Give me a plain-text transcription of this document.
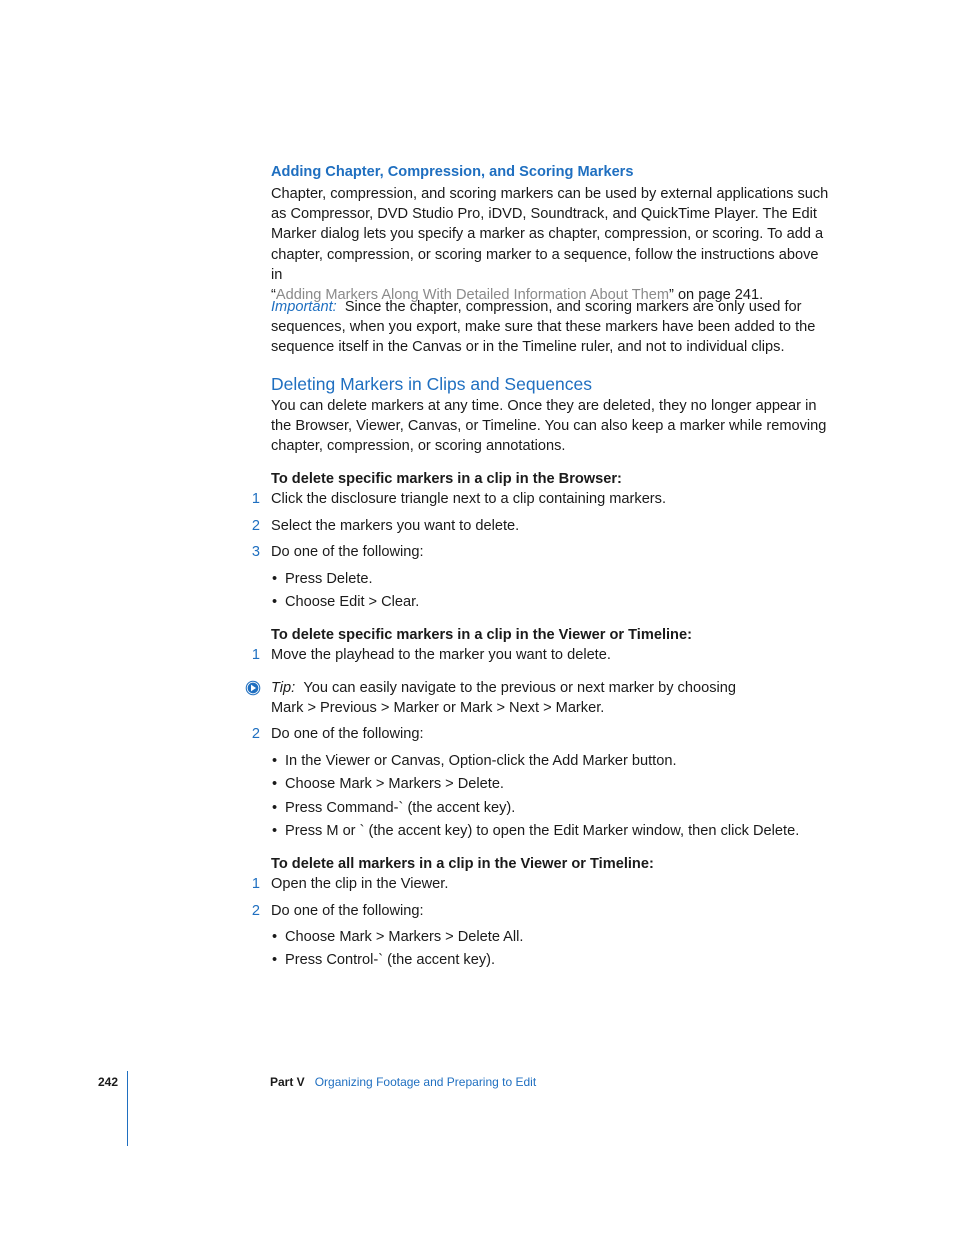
Adding Chapter, Compression, and Scoring Markers
Chapter, compression, and scoring markers can be used by external applications such
as Compressor, DVD Studio Pro, iDVD, Soundtrack, and QuickTime Player. The Edit
Marker dialog lets you specify a marker as chapter, compression, or scoring. To add a
chapter, compression, or scoring marker to a sequence, follow the instructions above in
“Adding Markers Along With Detailed Information About Them” on page 241.
Important: Since the chapter, compression, and scoring markers are only used for
sequences, when you export, make sure that these markers have been added to the
sequence itself in the Canvas or in the Timeline ruler, and not to individual clips.
Deleting Markers in Clips and Sequences
You can delete markers at any time. Once they are deleted, they no longer appear in
the Browser, Viewer, Canvas, or Timeline. You can also keep a marker while removing
chapter, compression, or scoring annotations.
To delete specific markers in a clip in the Browser:
1 Click the disclosure triangle next to a clip containing markers.
2 Select the markers you want to delete.
3 Do one of the following:
• Press Delete.
• Choose Edit > Clear.
To delete specific markers in a clip in the Viewer or Timeline:
1 Move the playhead to the marker you want to delete.
Tip: You can easily navigate to the previous or next marker by choosing
Mark > Previous > Marker or Mark > Next > Marker.
2 Do one of the following:
• In the Viewer or Canvas, Option-click the Add Marker button.
• Choose Mark > Markers > Delete.
• Press Command-` (the accent key).
• Press M or ` (the accent key) to open the Edit Marker window, then click Delete.
To delete all markers in a clip in the Viewer or Timeline:
1 Open the clip in the Viewer.
2 Do one of the following:
• Choose Mark > Markers > Delete All.
• Press Control-` (the accent key).
242	Part V Organizing Footage and Preparing to Edit
